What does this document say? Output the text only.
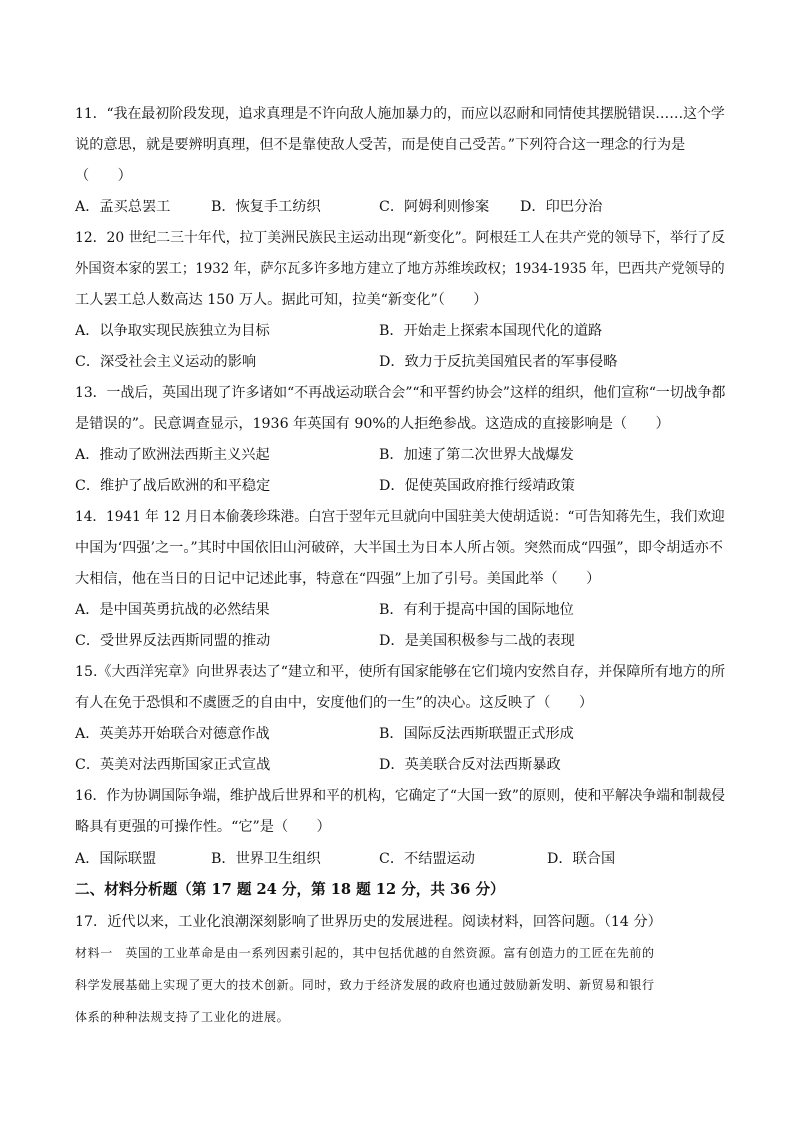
11．“我在最初阶段发现，追求真理是不许向敌人施加暴力的，而应以忍耐和同情使其摆脱错误……这个学
说的意思，就是要辨明真理，但不是靠使敌人受苦，而是使自己受苦。”下列符合这一理念的行为是
（　　）
A．孟买总罢工	B．恢复手工纺织	C．阿姆利则惨案 D．印巴分治
12．20 世纪二三十年代，拉丁美洲民族民主运动出现“新变化”。阿根廷工人在共产党的领导下，举行了反
外国资本家的罢工；1932 年，萨尔瓦多许多地方建立了地方苏维埃政权；1934-1935 年，巴西共产党领导的
工人罢工总人数高达 150 万人。据此可知，拉美“新变化”（　　）
A．以争取实现民族独立为目标	B．开始走上探索本国现代化的道路
C．深受社会主义运动的影响	D．致力于反抗美国殖民者的军事侵略
13．一战后，英国出现了许多诸如“不再战运动联合会”“和平誓约协会”这样的组织，他们宣称“一切战争都
是错误的”。民意调查显示，1936 年英国有 90%的人拒绝参战。这造成的直接影响是（　　）
A．推动了欧洲法西斯主义兴起	B．加速了第二次世界大战爆发
C．维护了战后欧洲的和平稳定	D．促使英国政府推行绥靖政策
14．1941 年 12 月日本偷袭珍珠港。白宫于翌年元旦就向中国驻美大使胡适说：“可告知蒋先生，我们欢迎
中国为‘四强’之一。”其时中国依旧山河破碎，大半国土为日本人所占领。突然而成“四强”，即令胡适亦不
大相信，他在当日的日记中记述此事，特意在“四强”上加了引号。美国此举（　　）
A．是中国英勇抗战的必然结果	B．有利于提高中国的国际地位
C．受世界反法西斯同盟的推动	D．是美国积极参与二战的表现
15.《大西洋宪章》向世界表达了“建立和平，使所有国家能够在它们境内安然自存，并保障所有地方的所
有人在免于恐惧和不虞匮乏的自由中，安度他们的一生”的决心。这反映了（　　）
A．英美苏开始联合对德意作战	B．国际反法西斯联盟正式形成
C．英美对法西斯国家正式宣战	D．英美联合反对法西斯暴政
16．作为协调国际争端，维护战后世界和平的机构，它确定了“大国一致”的原则，使和平解决争端和制裁侵
略具有更强的可操作性。“它”是（　　）
A．国际联盟	B．世界卫生组织	C．不结盟运动	D．联合国
二、材料分析题（第 17 题 24 分，第 18 题 12 分，共 36 分）
17．近代以来，工业化浪潮深刻影响了世界历史的发展进程。阅读材料，回答问题。（14 分）
材料一　英国的工业革命是由一系列因素引起的，其中包括优越的自然资源。富有创造力的工匠在先前的
科学发展基础上实现了更大的技术创新。同时，致力于经济发展的政府也通过鼓励新发明、新贸易和银行
体系的种种法规支持了工业化的进展。
